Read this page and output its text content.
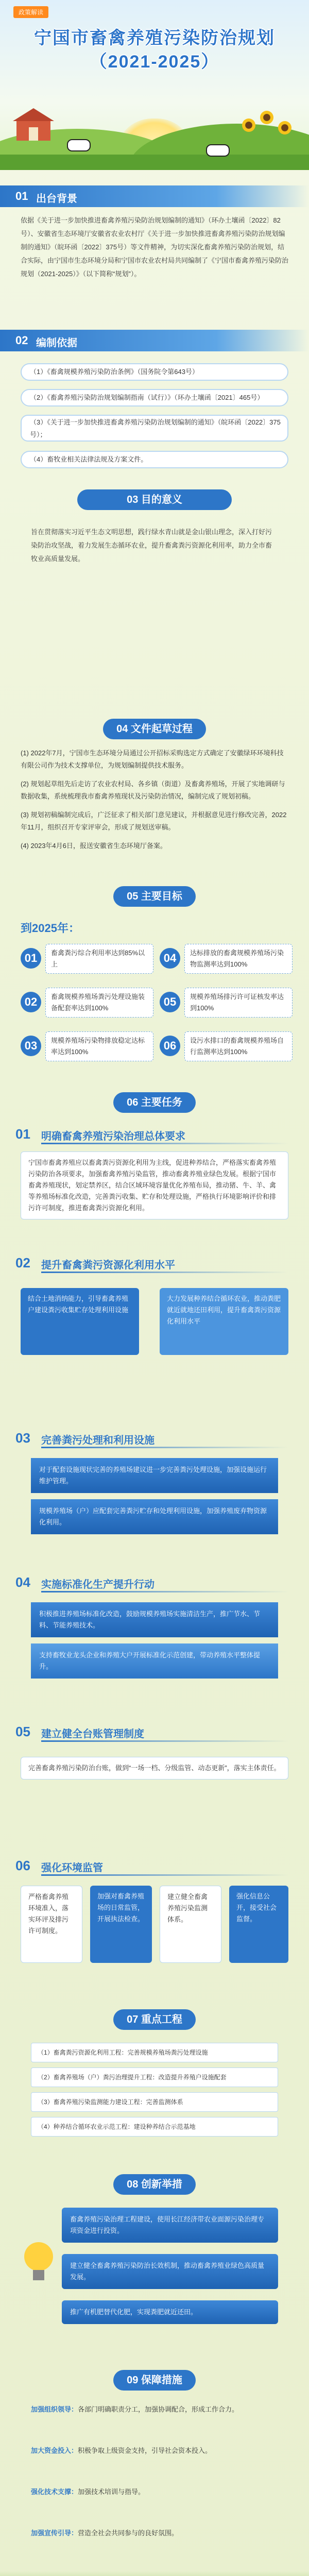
政策解读
宁国市畜禽养殖污染防治规划
（2021-2025）
01 出台背景
依据《关于进一步加快推进畜禽养殖污染防治规划编制的通知》（环办土壤函〔2022〕82号）、安徽省生态环境厅安徽省农业农村厅《关于进一步加快推进畜禽养殖污染防治规划编制的通知》（皖环函〔2022〕375号）等文件精神，为切实深化畜禽养殖污染防治规划，结合实际，由宁国市生态环境分局和宁国市农业农村局共同编制了《宁国市畜禽养殖污染防治规划（2021-2025）》（以下简称“规划”）。
02 编制依据
（1）《畜禽规模养殖污染防治条例》（国务院令第643号）
（2）《畜禽养殖污染防治规划编制指南（试行）》（环办土壤函〔2021〕465号）
（3）《关于进一步加快推进畜禽养殖污染防治规划编制的通知》（皖环函〔2022〕375号）；
（4）畜牧业相关法律法规及方案文件。
03 目的意义
旨在贯彻落实习近平生态文明思想，践行绿水青山就是金山银山理念，深入打好污染防治攻坚战，着力发展生态循环农业，提升畜禽粪污资源化利用率，助力全市畜牧业高质量发展。
04 文件起草过程
(1) 2022年7月，宁国市生态环境分局通过公开招标采购选定方式确定了安徽绿环环境科技有限公司作为技术支撑单位，为规划编制提供技术服务。
(2) 规划起草组先后走访了农业农村局、各乡镇（街道）及畜禽养殖场，开展了实地调研与数据收集，系统梳理我市畜禽养殖现状及污染防治情况，编制完成了规划初稿。
(3) 规划初稿编制完成后，广泛征求了相关部门意见建议，并根据意见进行修改完善，2022年11月，组织召开专家评审会，形成了规划送审稿。
(4) 2023年4月6日，报送安徽省生态环境厅备案。
05 主要目标
到2025年：
01	畜禽粪污综合利用率达到85%以上
02	畜禽规模养殖场粪污处理设施装备配套率达到100%
03	规模养殖场污染物排放稳定达标率达到100%
04	达标排放的畜禽规模养殖场污染物监测率达到100%
05	规模养殖场排污许可证核发率达到100%
06	设污水排口的畜禽规模养殖场自行监测率达到100%
06 主要任务
01 明确畜禽养殖污染治理总体要求
宁国市畜禽养殖应以畜禽粪污资源化利用为主线，促进种养结合，严格落实畜禽养殖污染防治各项要求，加强畜禽养殖污染监管，推动畜禽养殖业绿色发展。根据宁国市畜禽养殖现状，划定禁养区，结合区域环境容量优化养殖布局，推动猪、牛、羊、禽等养殖场标准化改造，完善粪污收集、贮存和处理设施，严格执行环境影响评价和排污许可制度，推进畜禽粪污资源化利用。
02 提升畜禽粪污资源化利用水平
结合土地消纳能力，引导畜禽养殖户建设粪污收集贮存处理利用设施
大力发展种养结合循环农业，推动粪肥就近就地还田利用，提升畜禽粪污资源化利用水平
03 完善粪污处理和利用设施
对于配套设施现状完善的养殖场建议进一步完善粪污处理设施，加强设施运行维护管理。
规模养殖场（户）应配套完善粪污贮存和处理利用设施，加强养殖废弃物资源化利用。
04 实施标准化生产提升行动
积极推进养殖场标准化改造，鼓励规模养殖场实施清洁生产，推广节水、节料、节能养殖技术。
支持畜牧业龙头企业和养殖大户开展标准化示范创建，带动养殖水平整体提升。
05 建立健全台账管理制度
完善畜禽养殖污染防治台账，做到“一场一档、分级监管、动态更新”，落实主体责任。
06 强化环境监管
严格畜禽养殖环境准入，落实环评及排污许可制度。
加强对畜禽养殖场的日常监管，开展执法检查。
建立健全畜禽养殖污染监测体系。
强化信息公开，接受社会监督。
07 重点工程
（1）畜禽粪污资源化利用工程：完善规模养殖场粪污处理设施
（2）畜禽养殖场（户）粪污治理提升工程：改造提升养殖户设施配套
（3）畜禽养殖污染监测能力建设工程：完善监测体系
（4）种养结合循环农业示范工程：建设种养结合示范基地
08 创新举措
畜禽养殖污染治理工程建设，使用长江经济带农业面源污染治理专项资金进行投资。
建立健全畜禽养殖污染防治长效机制，推动畜禽养殖业绿色高质量发展。
推广有机肥替代化肥，实现粪肥就近还田。
09 保障措施
加强组织领导：各部门明确职责分工，加强协调配合，形成工作合力。
加大资金投入：积极争取上级资金支持，引导社会资本投入。
强化技术支撑：加强技术培训与指导。
加强宣传引导：营造全社会共同参与的良好氛围。
